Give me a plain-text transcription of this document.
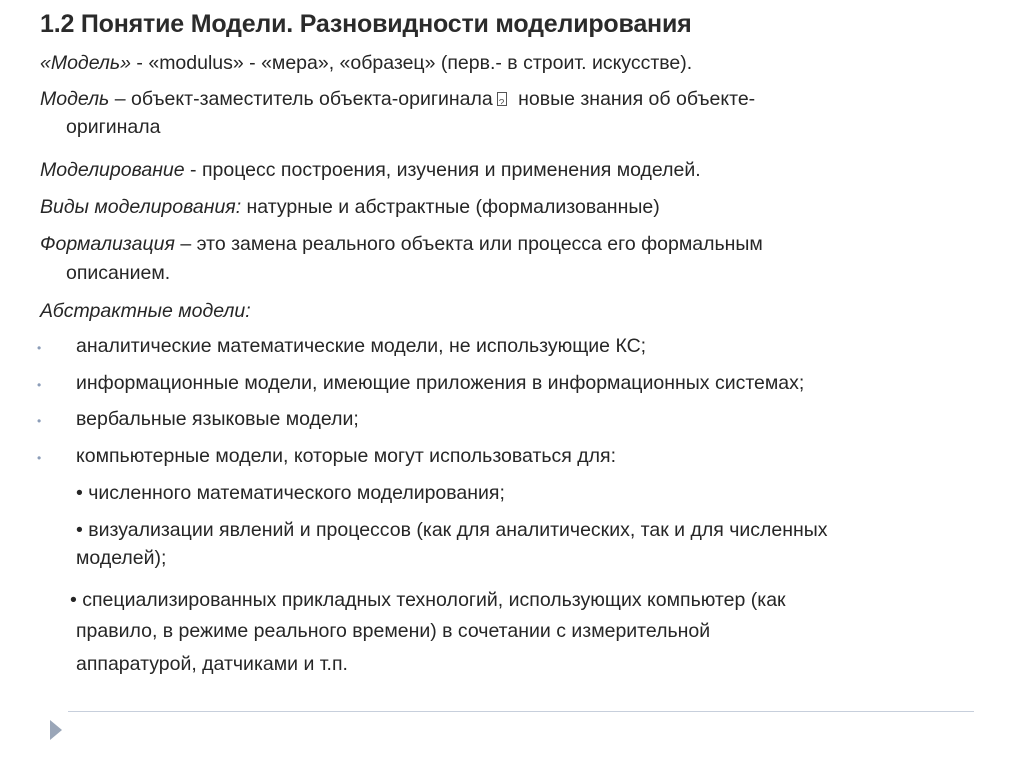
1.2 Понятие Модели. Разновидности моделирования
«Модель» - «modulus» - «мера», «образец» (перв.- в строит. искусстве).
Модель – объект-заместитель объекта-оригинала? новые знания об объекте-
оригинала
Моделирование - процесс построения, изучения и применения моделей.
Виды моделирования: натурные и абстрактные (формализованные)
Формализация – это замена реального объекта или процесса его формальным
описанием.
Абстрактные модели:
• аналитические математические модели, не использующие КС;
• информационные модели, имеющие приложения в информационных системах;
• вербальные языковые модели;
• компьютерные модели, которые могут использоваться для:
• численного математического моделирования;
• визуализации явлений и процессов (как для аналитических, так и для численных
моделей);
• специализированных прикладных технологий, использующих компьютер (как
правило, в режиме реального времени) в сочетании с измерительной
аппаратурой, датчиками и т.п.
